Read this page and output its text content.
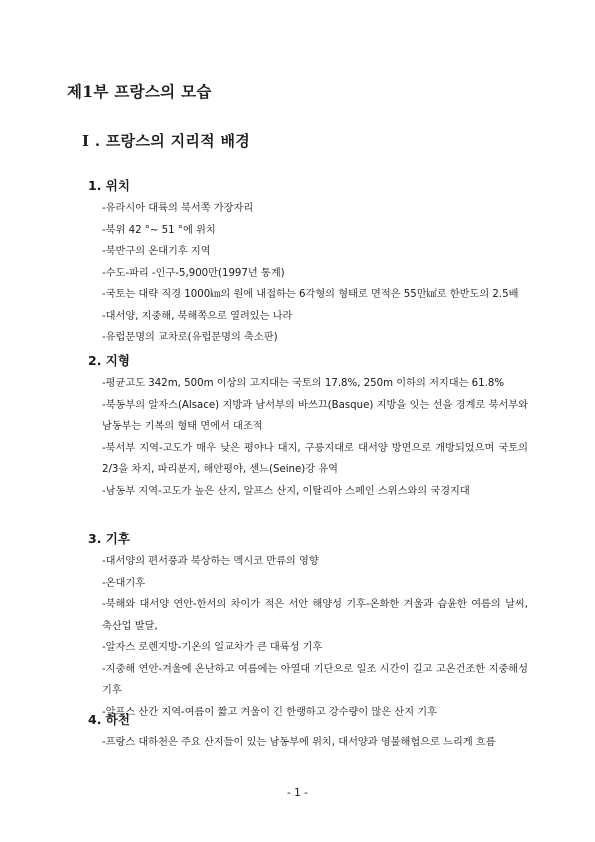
제1부 프랑스의 모습
I . 프랑스의 지리적 배경
1. 위치
-유라시아 대륙의 북서쪽 가장자리
-북위 42 °~ 51 °에 위치
-북반구의 온대기후 지역
-수도-파리 -인구-5,900만(1997년 통계)
-국토는 대략 직경 1000㎞의 원에 내접하는 6각형의 형태로 면적은 55만㎢로 한반도의 2.5배
-대서양, 지중해, 북해쪽으로 열려있는 나라
-유럽문명의 교차로(유럽문명의 축소판)
2. 지형
-평균고도 342m, 500m 이상의 고지대는 국토의 17.8%, 250m 이하의 저지대는 61.8%
-북동부의 알자스(Alsace) 지방과 남서부의 바쓰끄(Basque) 지방을 잇는 선을 경계로 북서부와 남동부는 기복의 형태 면에서 대조적
-북서부 지역-고도가 매우 낮은 평야나 대지, 구릉지대로 대서양 방면으로 개방되었으며 국토의 2/3을 차지, 파리분지, 해안평야, 센느(Seine)강 유역
-남동부 지역-고도가 높은 산지, 알프스 산지, 이탈리아 스페인 스위스와의 국경지대
3. 기후
-대서양의 편서풍과 북상하는 멕시코 만류의 영향
-온대기후
-북해와 대서양 연안-한서의 차이가 적은 서안 해양성 기후-온화한 겨울과 습윤한 여름의 날씨, 축산업 발달,
-알자스 로렌지방-기온의 일교차가 큰 대륙성 기후
-지중해 연안-겨울에 온난하고 여름에는 아열대 기단으로 일조 시간이 길고 고온건조한 지중해성 기후
-알프스 산간 지역-여름이 짧고 겨울이 긴 한랭하고 강수량이 많은 산지 기후
4. 하천
-프랑스 대하천은 주요 산지들이 있는 남동부에 위치, 대서양과 영불해협으로 느리게 흐름
- 1 -
